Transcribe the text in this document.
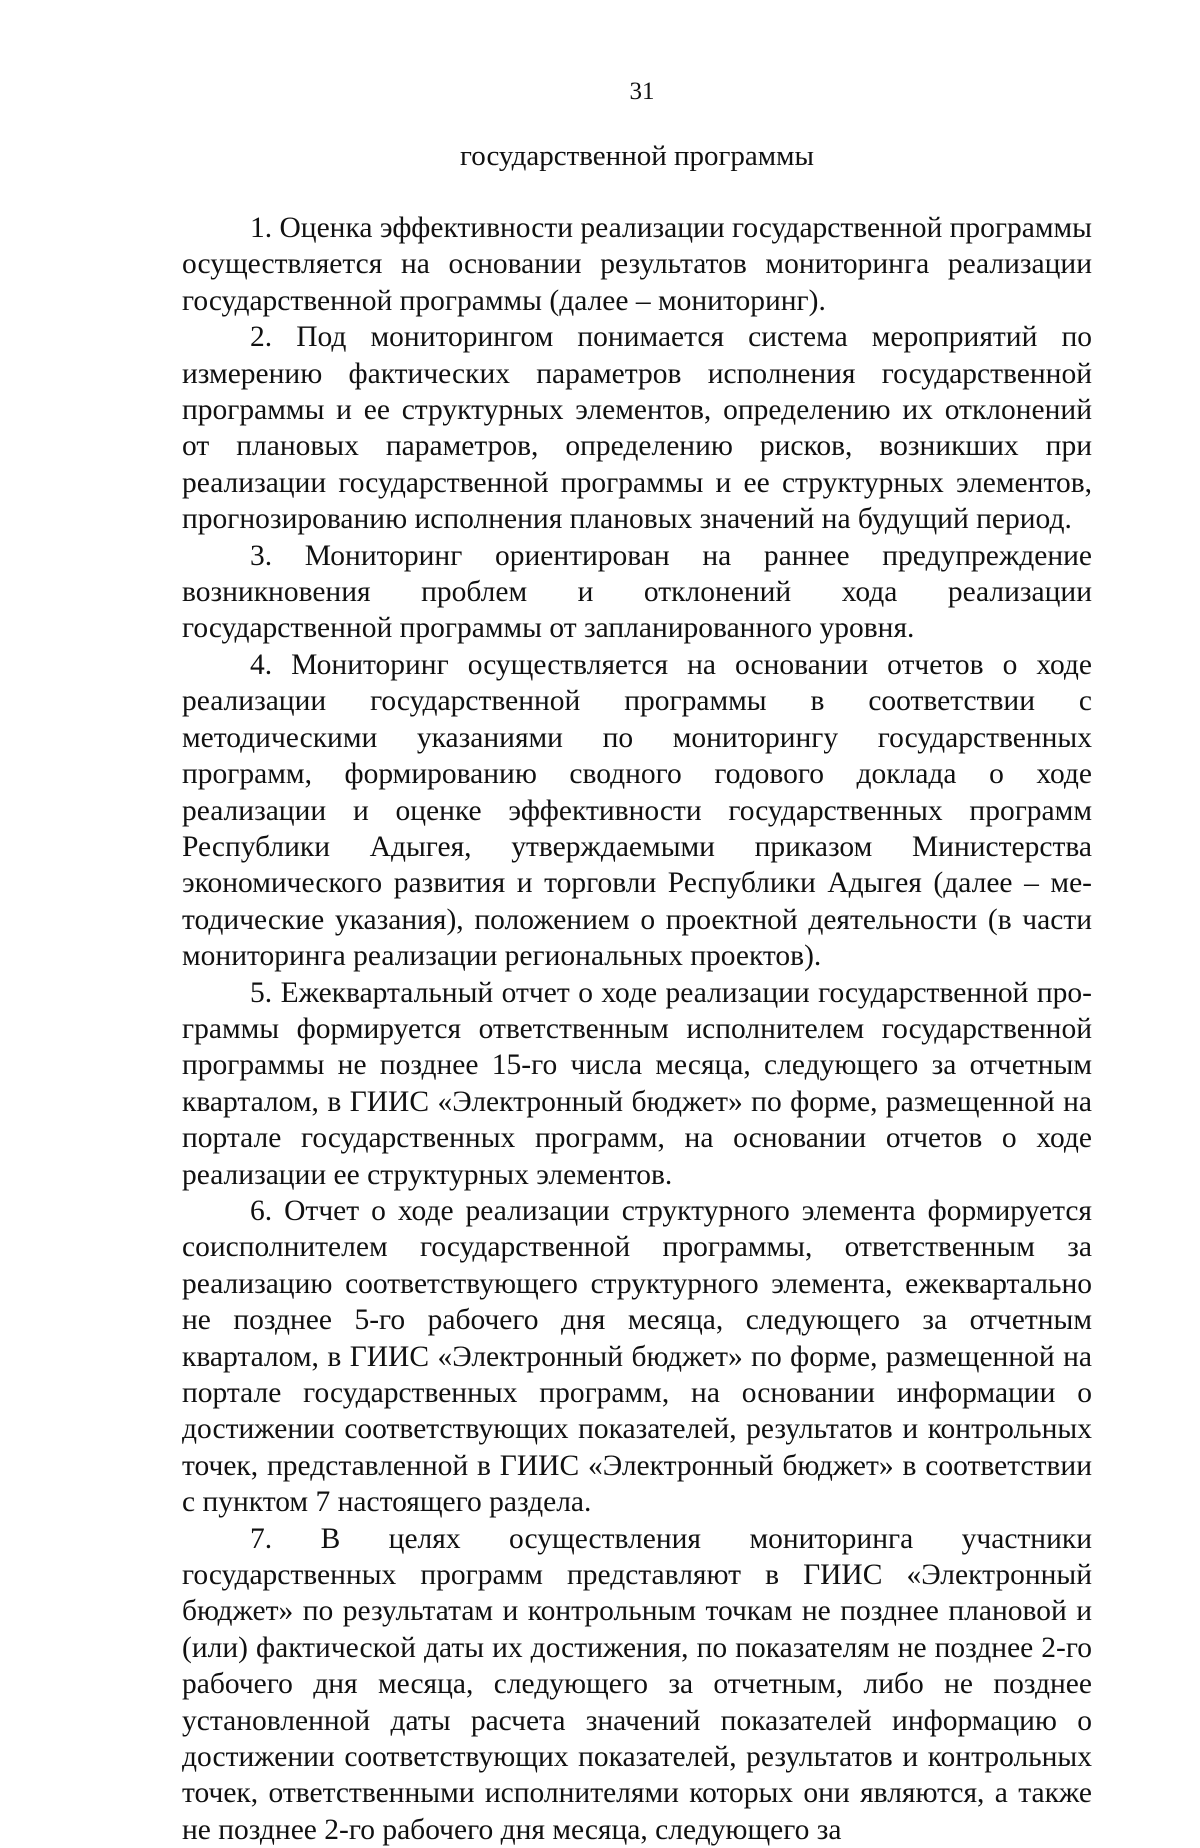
31
государственной программы

1. Оценка эффективности реализации государственной программы осуществляется на основании результатов мониторинга реализации государственной программы (далее – мониторинг).

2. Под мониторингом понимается система мероприятий по измерению фактических параметров исполнения государственной программы и ее структурных элементов, определению их отклонений от плановых параметров, определению рисков, возникших при реализации государственной программы и ее структурных элементов, прогнозированию исполнения плановых значений на будущий период.

3. Мониторинг ориентирован на раннее предупреждение возникновения проблем и отклонений хода реализации государственной программы от запланированного уровня.

4. Мониторинг осуществляется на основании отчетов о ходе реализации государственной программы в соответствии с методическими указаниями по мониторингу государственных программ, формированию сводного годового доклада о ходе реализации и оценке эффективности государственных программ Республики Адыгея, утверждаемыми приказом Министерства экономического развития и торговли Республики Адыгея (далее – методические указания), положением о проектной деятельности (в части мониторинга реализации региональных проектов).

5. Ежеквартальный отчет о ходе реализации государственной программы формируется ответственным исполнителем государственной программы не позднее 15-го числа месяца, следующего за отчетным кварталом, в ГИИС «Электронный бюджет» по форме, размещенной на портале государственных программ, на основании отчетов о ходе реализации ее структурных элементов.

6. Отчет о ходе реализации структурного элемента формируется соисполнителем государственной программы, ответственным за реализацию соответствующего структурного элемента, ежеквартально не позднее 5-го рабочего дня месяца, следующего за отчетным кварталом, в ГИИС «Электронный бюджет» по форме, размещенной на портале государственных программ, на основании информации о достижении соответствующих показателей, результатов и контрольных точек, представленной в ГИИС «Электронный бюджет» в соответствии с пунктом 7 настоящего раздела.

7. В целях осуществления мониторинга участники государственных программ представляют в ГИИС «Электронный бюджет» по результатам и контрольным точкам не позднее плановой и (или) фактической даты их достижения, по показателям не позднее 2-го рабочего дня месяца, следующего за отчетным, либо не позднее установленной даты расчета значений показателей информацию о достижении соответствующих показателей, результатов и контрольных точек, ответственными исполнителями которых они являются, а также не позднее 2-го рабочего дня месяца, следующего за
